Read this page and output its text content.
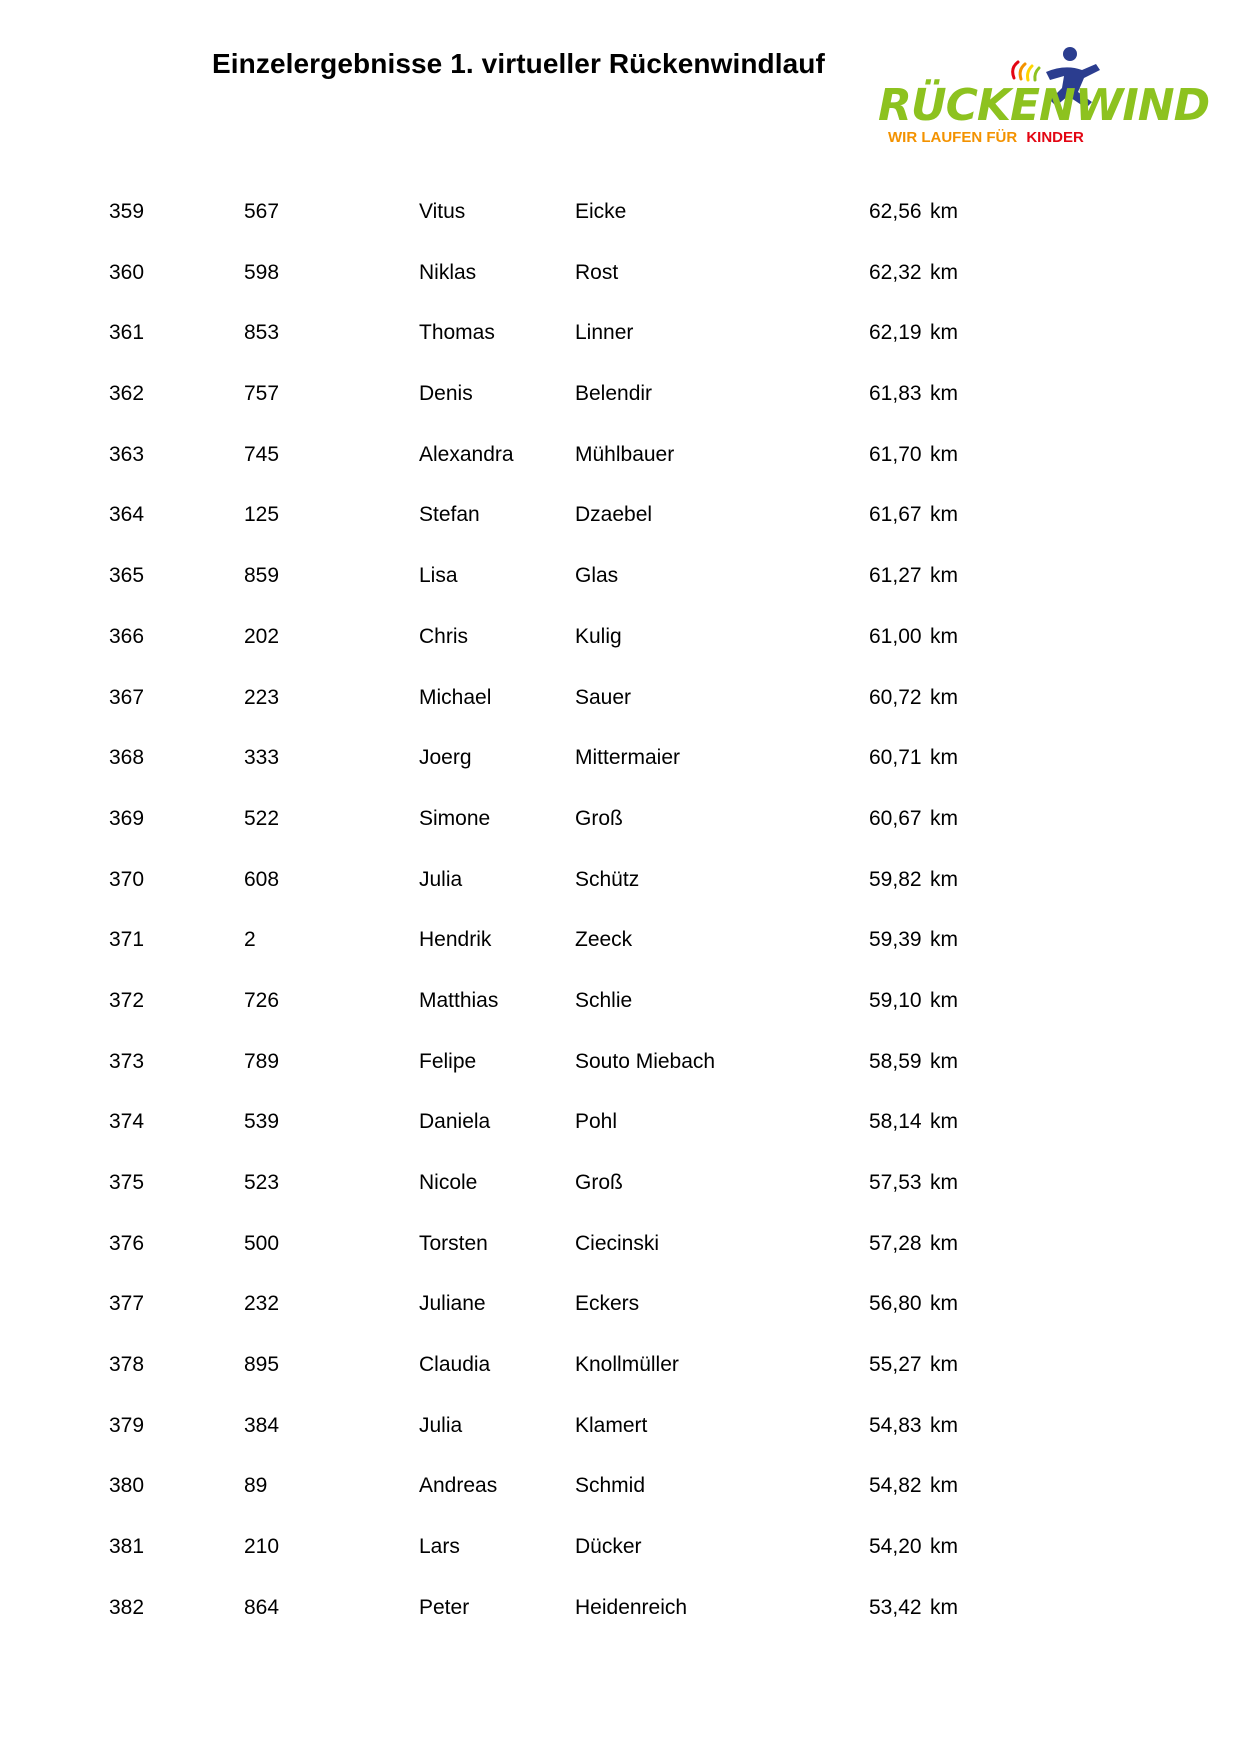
Einzelergebnisse 1. virtueller Rückenwindlauf
RÜCKENWIND
WIR LAUFEN FÜR KINDER
359	567	Vitus	Eicke	62,56 km
360	598	Niklas	Rost	62,32 km
361	853	Thomas	Linner	62,19 km
362	757	Denis	Belendir	61,83 km
363	745	Alexandra	Mühlbauer	61,70 km
364	125	Stefan	Dzaebel	61,67 km
365	859	Lisa	Glas	61,27 km
366	202	Chris	Kulig	61,00 km
367	223	Michael	Sauer	60,72 km
368	333	Joerg	Mittermaier	60,71 km
369	522	Simone	Groß	60,67 km
370	608	Julia	Schütz	59,82 km
371	2	Hendrik	Zeeck	59,39 km
372	726	Matthias	Schlie	59,10 km
373	789	Felipe	Souto Miebach	58,59 km
374	539	Daniela	Pohl	58,14 km
375	523	Nicole	Groß	57,53 km
376	500	Torsten	Ciecinski	57,28 km
377	232	Juliane	Eckers	56,80 km
378	895	Claudia	Knollmüller	55,27 km
379	384	Julia	Klamert	54,83 km
380	89	Andreas	Schmid	54,82 km
381	210	Lars	Dücker	54,20 km
382	864	Peter	Heidenreich	53,42 km
